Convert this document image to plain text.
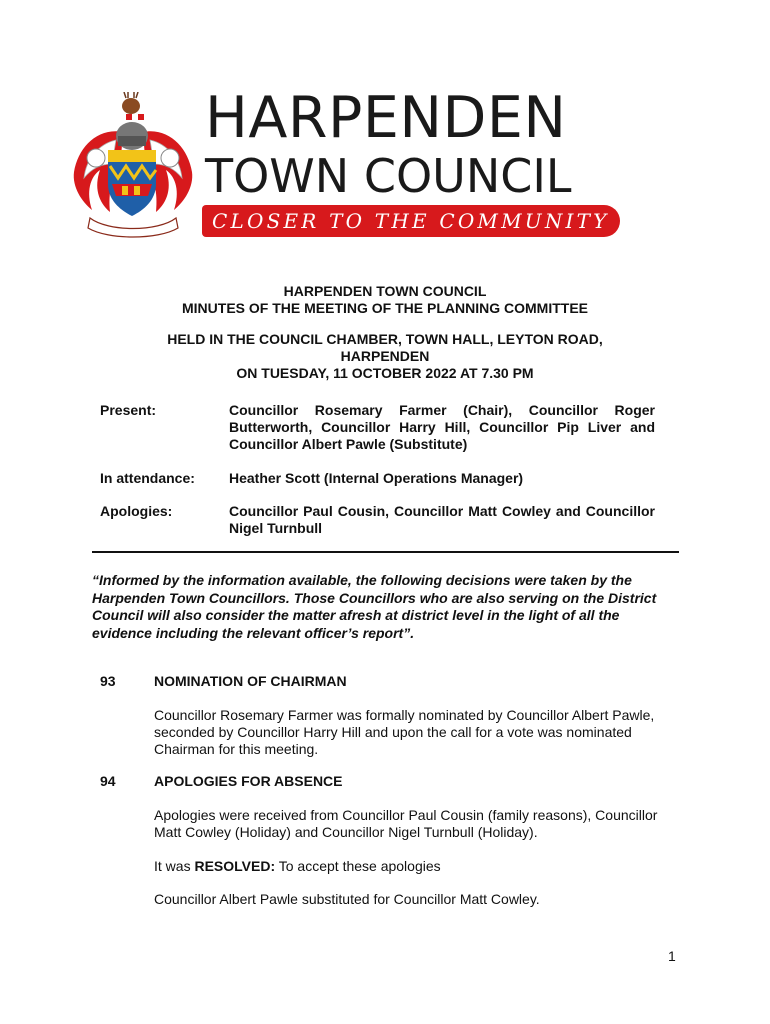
HARPENDEN
TOWN COUNCIL
CLOSER TO THE COMMUNITY
HARPENDEN TOWN COUNCIL
MINUTES OF THE MEETING OF THE PLANNING COMMITTEE
HELD IN THE COUNCIL CHAMBER, TOWN HALL, LEYTON ROAD,
HARPENDEN
ON TUESDAY, 11 OCTOBER 2022 AT 7.30 PM
Present:	Councillor Rosemary Farmer (Chair), Councillor Roger Butterworth, Councillor Harry Hill, Councillor Pip Liver and Councillor Albert Pawle (Substitute)
In attendance: Heather Scott (Internal Operations Manager)
Apologies:	Councillor Paul Cousin, Councillor Matt Cowley and Councillor Nigel Turnbull
“Informed by the information available, the following decisions were taken by the Harpenden Town Councillors. Those Councillors who are also serving on the District Council will also consider the matter afresh at district level in the light of all the evidence including the relevant officer’s report”.
93	NOMINATION OF CHAIRMAN
Councillor Rosemary Farmer was formally nominated by Councillor Albert Pawle, seconded by Councillor Harry Hill and upon the call for a vote was nominated Chairman for this meeting.
94	APOLOGIES FOR ABSENCE
Apologies were received from Councillor Paul Cousin (family reasons), Councillor Matt Cowley (Holiday) and Councillor Nigel Turnbull (Holiday).
It was RESOLVED: To accept these apologies
Councillor Albert Pawle substituted for Councillor Matt Cowley.
1
